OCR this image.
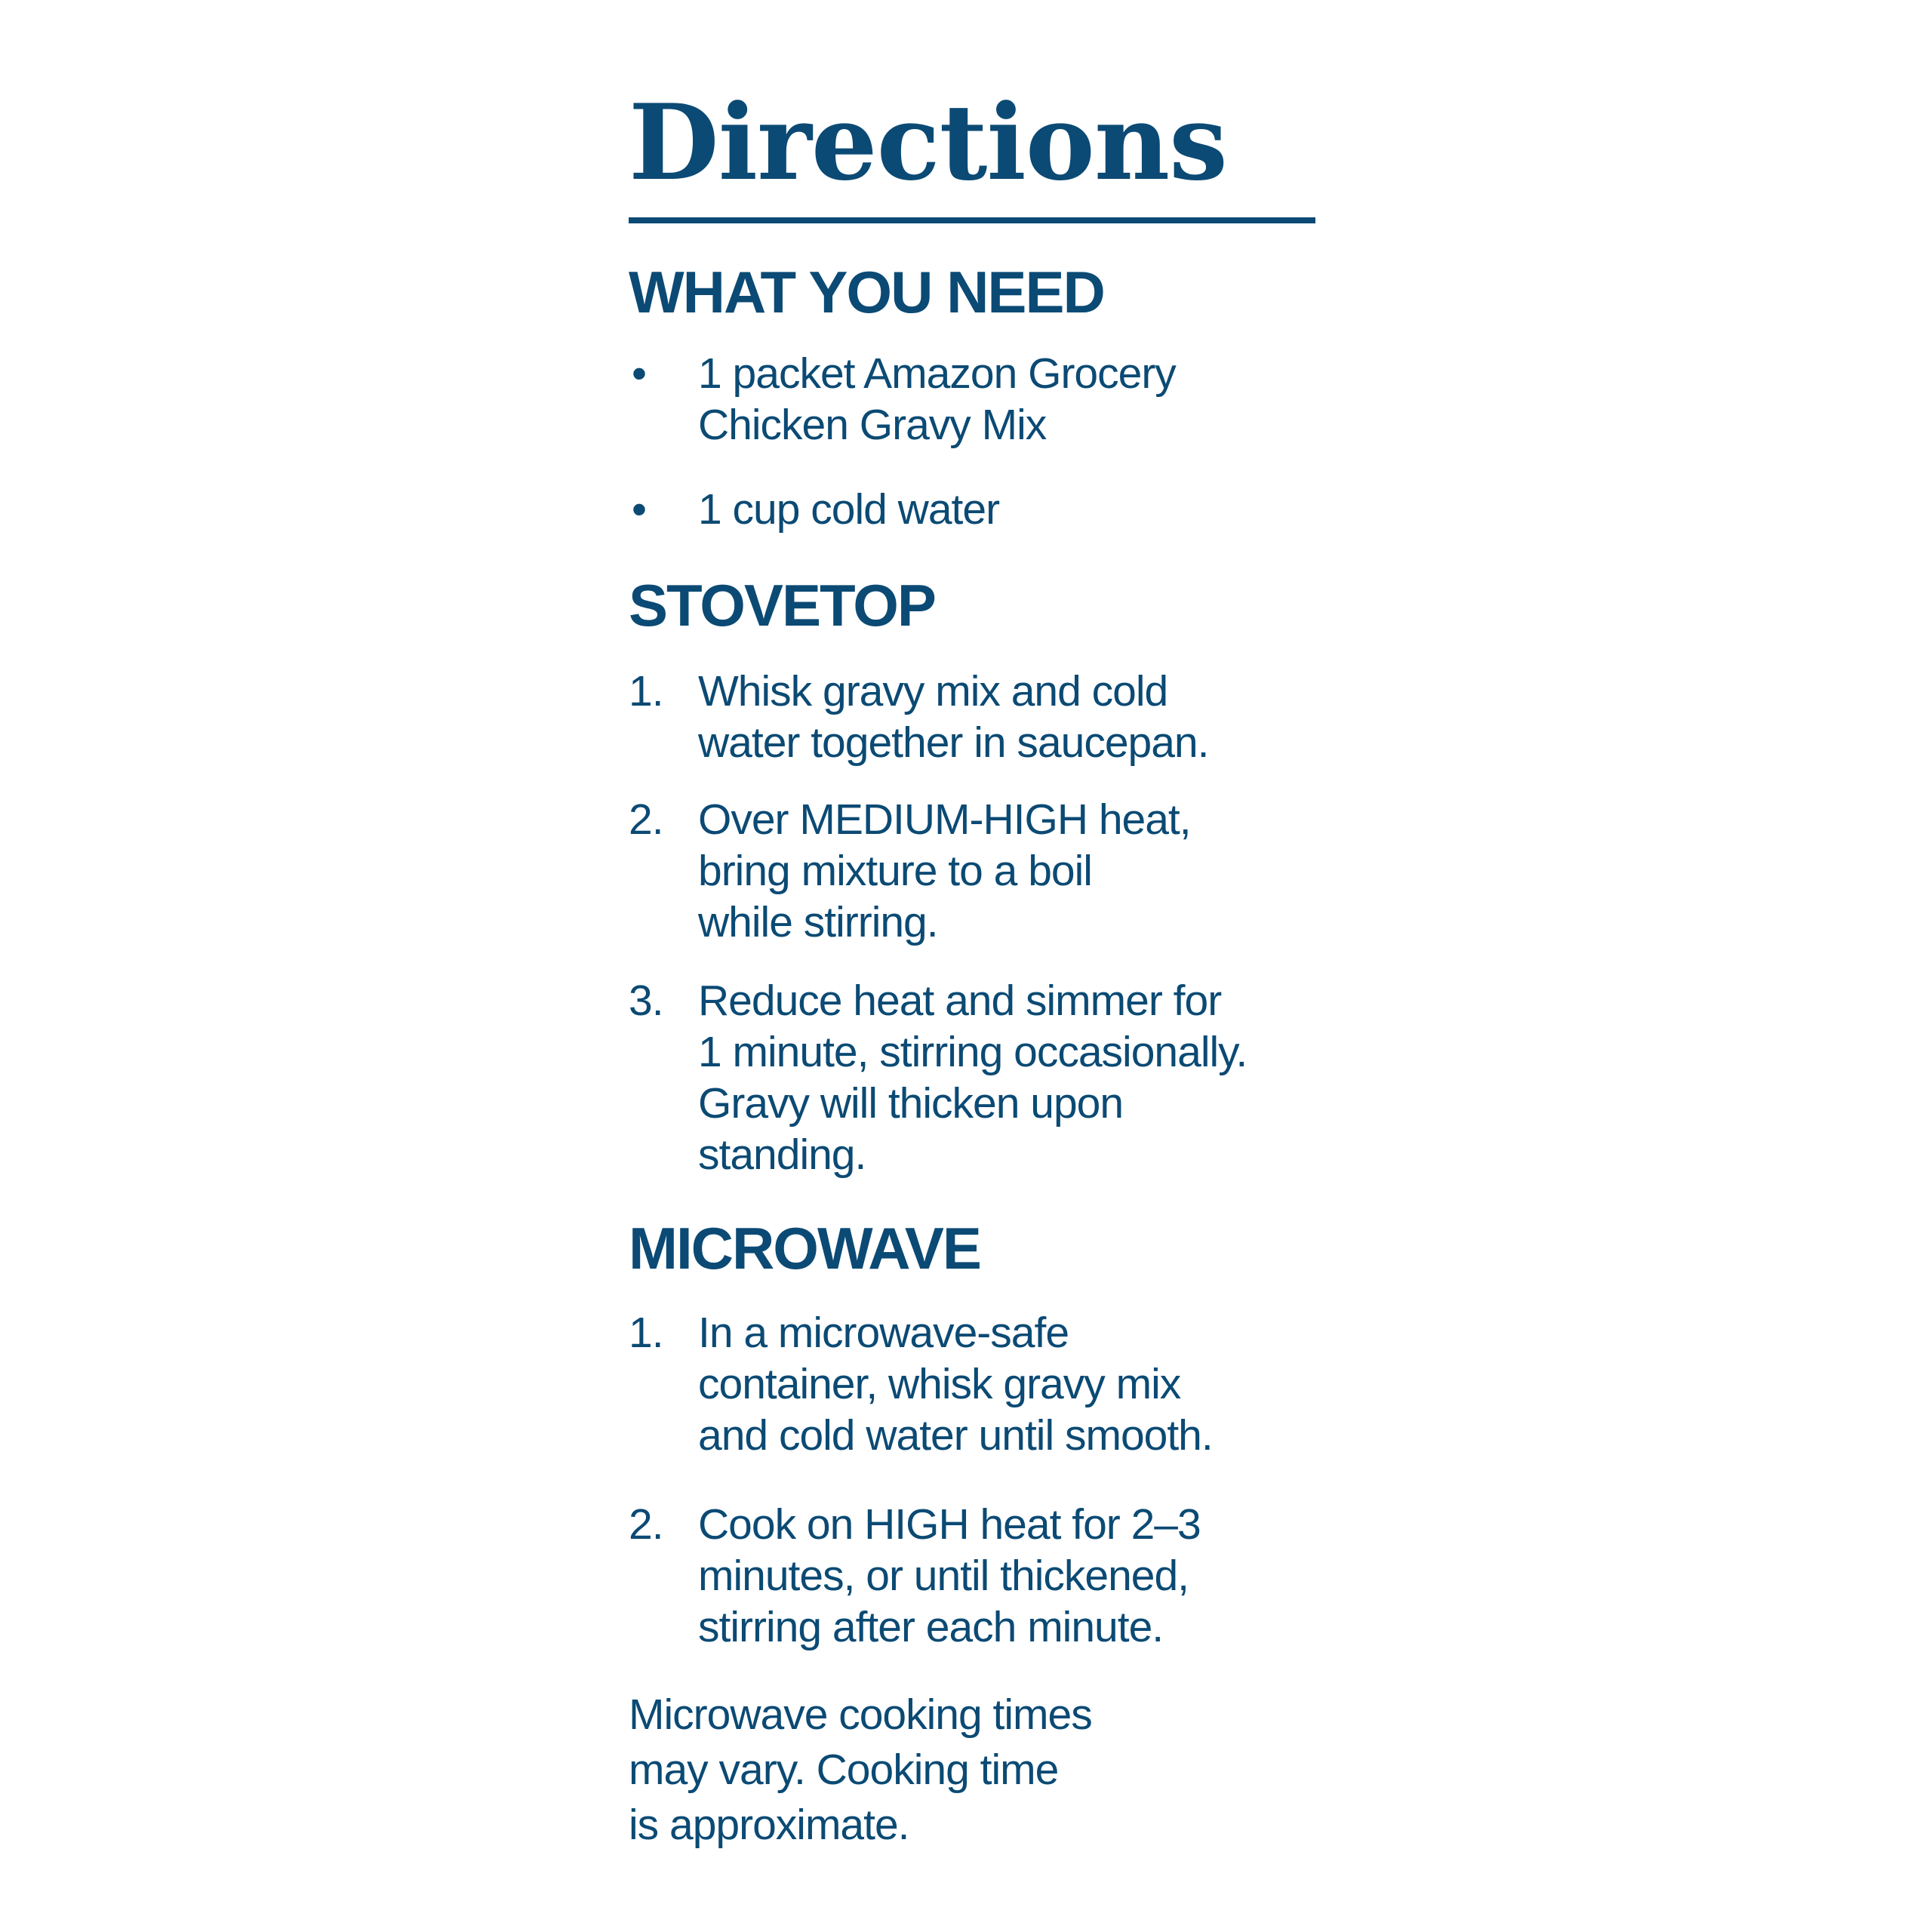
Directions
WHAT YOU NEED
•	1 packet Amazon Grocery
Chicken Gravy Mix
•	1 cup cold water
STOVETOP
1. Whisk gravy mix and cold
water together in saucepan.
2. Over MEDIUM-HIGH heat,
bring mixture to a boil
while stirring.
3. Reduce heat and simmer for
1 minute, stirring occasionally.
Gravy will thicken upon
standing.
MICROWAVE
1. In a microwave-safe
container, whisk gravy mix
and cold water until smooth.
2. Cook on HIGH heat for 2–3
minutes, or until thickened,
stirring after each minute.
Microwave cooking times
may vary. Cooking time
is approximate.
